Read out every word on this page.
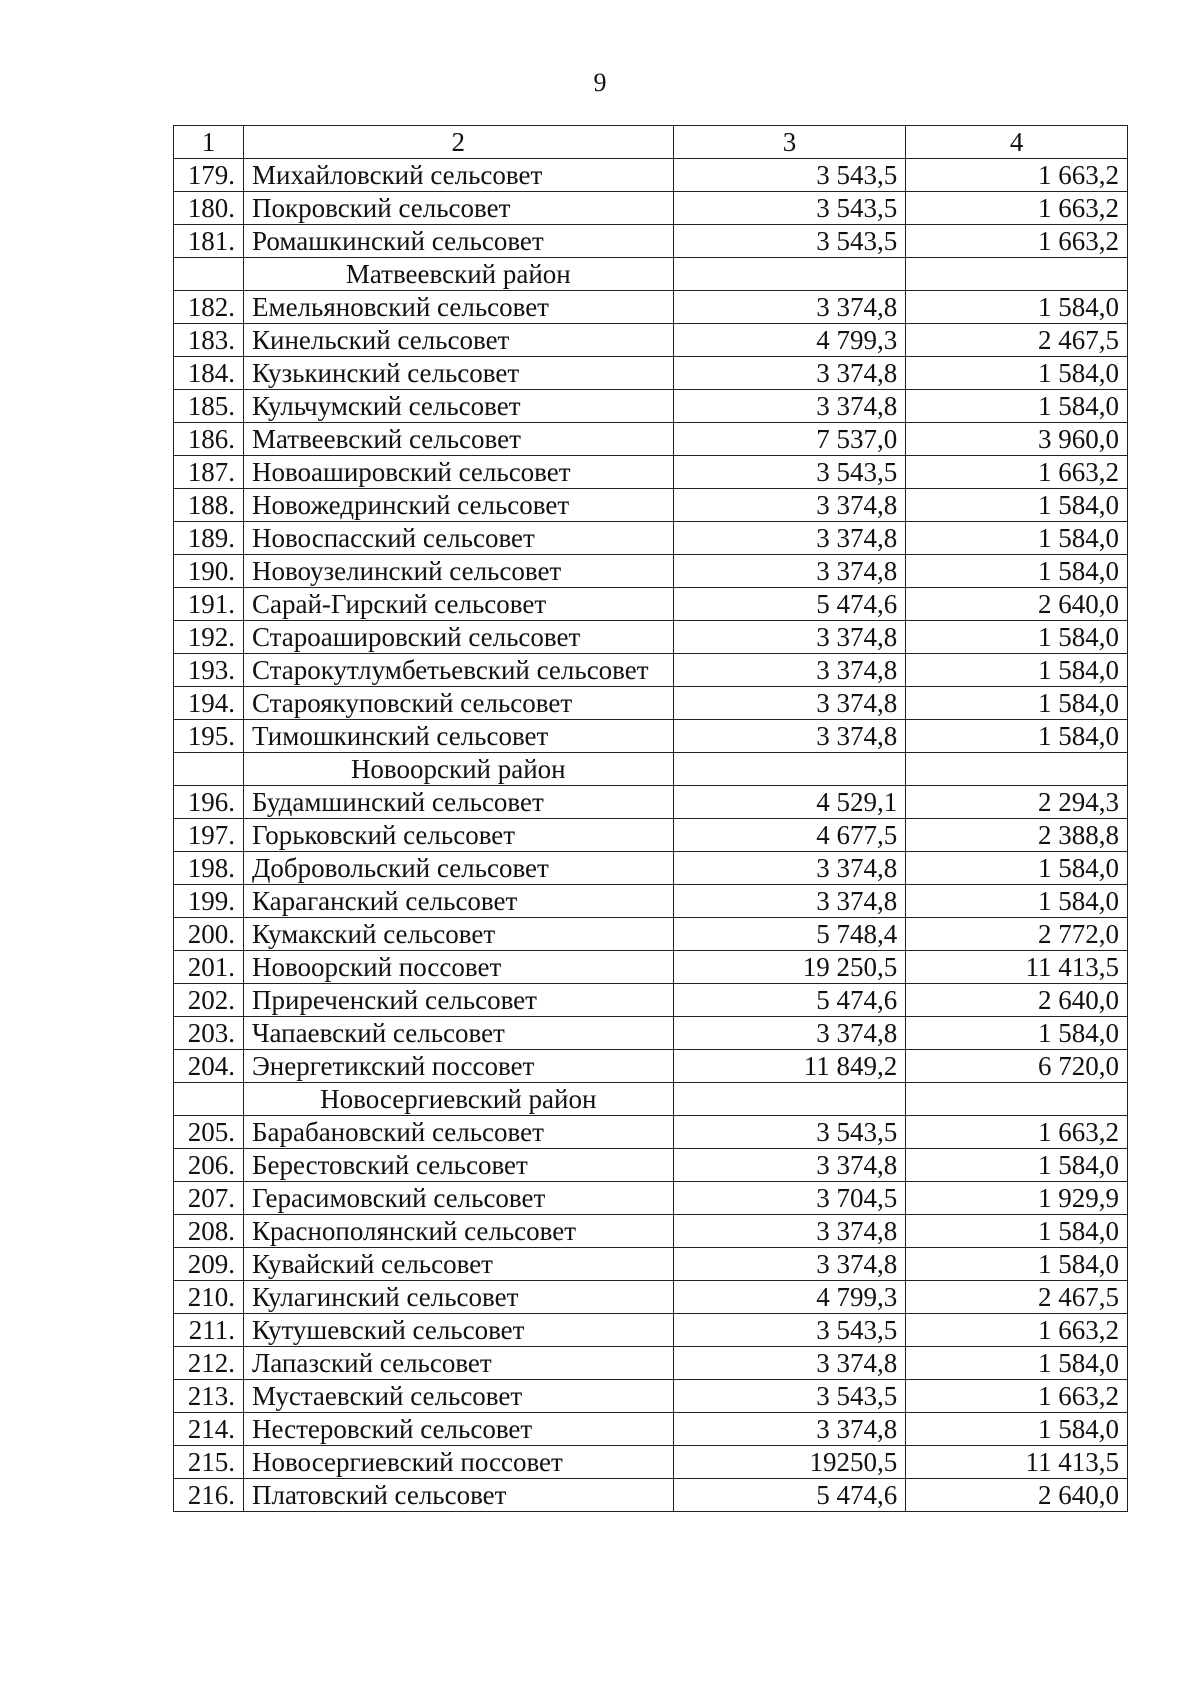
9
1	2	3	4
179.	Михайловский сельсовет	3 543,5	1 663,2
180.	Покровский сельсовет	3 543,5	1 663,2
181.	Ромашкинский сельсовет	3 543,5	1 663,2
	Матвеевский район		
182.	Емельяновский сельсовет	3 374,8	1 584,0
183.	Кинельский сельсовет	4 799,3	2 467,5
184.	Кузькинский сельсовет	3 374,8	1 584,0
185.	Кульчумский сельсовет	3 374,8	1 584,0
186.	Матвеевский сельсовет	7 537,0	3 960,0
187.	Новоашировский сельсовет	3 543,5	1 663,2
188.	Новожедринский сельсовет	3 374,8	1 584,0
189.	Новоспасский сельсовет	3 374,8	1 584,0
190.	Новоузелинский сельсовет	3 374,8	1 584,0
191.	Сарай-Гирский сельсовет	5 474,6	2 640,0
192.	Староашировский сельсовет	3 374,8	1 584,0
193.	Старокутлумбетьевский сельсовет	3 374,8	1 584,0
194.	Староякуповский сельсовет	3 374,8	1 584,0
195.	Тимошкинский сельсовет	3 374,8	1 584,0
	Новоорский район		
196.	Будамшинский сельсовет	4 529,1	2 294,3
197.	Горьковский сельсовет	4 677,5	2 388,8
198.	Добровольский сельсовет	3 374,8	1 584,0
199.	Караганский сельсовет	3 374,8	1 584,0
200.	Кумакский сельсовет	5 748,4	2 772,0
201.	Новоорский поссовет	19 250,5	11 413,5
202.	Приреченский сельсовет	5 474,6	2 640,0
203.	Чапаевский сельсовет	3 374,8	1 584,0
204.	Энергетикский поссовет	11 849,2	6 720,0
	Новосергиевский район		
205.	Барабановский сельсовет	3 543,5	1 663,2
206.	Берестовский сельсовет	3 374,8	1 584,0
207.	Герасимовский сельсовет	3 704,5	1 929,9
208.	Краснополянский сельсовет	3 374,8	1 584,0
209.	Кувайский сельсовет	3 374,8	1 584,0
210.	Кулагинский сельсовет	4 799,3	2 467,5
211.	Кутушевский сельсовет	3 543,5	1 663,2
212.	Лапазский сельсовет	3 374,8	1 584,0
213.	Мустаевский сельсовет	3 543,5	1 663,2
214.	Нестеровский сельсовет	3 374,8	1 584,0
215.	Новосергиевский поссовет	19250,5	11 413,5
216.	Платовский сельсовет	5 474,6	2 640,0
